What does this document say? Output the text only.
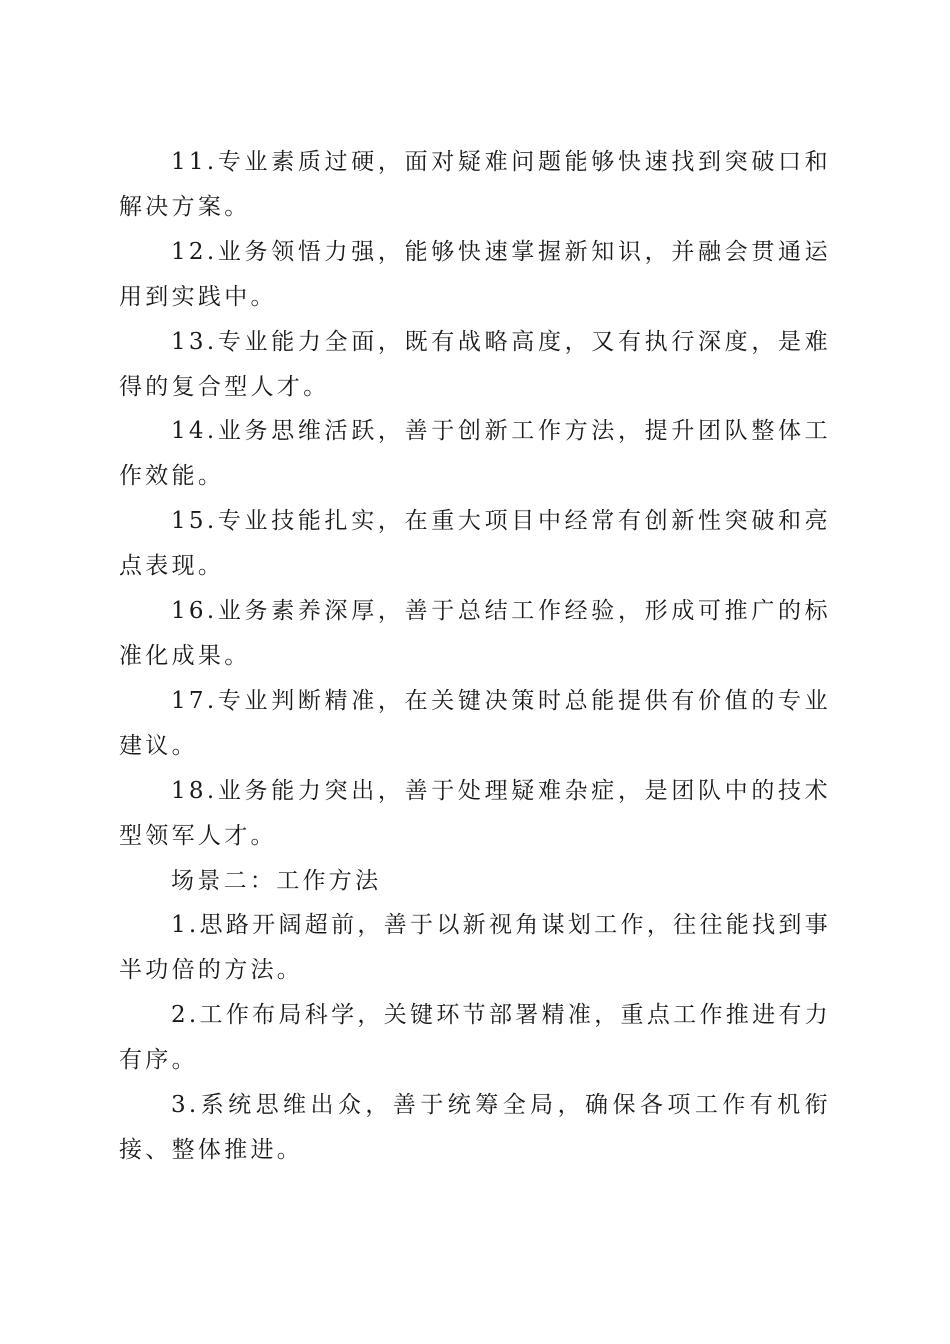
11.专业素质过硬，面对疑难问题能够快速找到突破口和解决方案。

12.业务领悟力强，能够快速掌握新知识，并融会贯通运用到实践中。

13.专业能力全面，既有战略高度，又有执行深度，是难得的复合型人才。

14.业务思维活跃，善于创新工作方法，提升团队整体工作效能。

15.专业技能扎实，在重大项目中经常有创新性突破和亮点表现。

16.业务素养深厚，善于总结工作经验，形成可推广的标准化成果。

17.专业判断精准，在关键决策时总能提供有价值的专业建议。

18.业务能力突出，善于处理疑难杂症，是团队中的技术型领军人才。

场景二：工作方法

1.思路开阔超前，善于以新视角谋划工作，往往能找到事半功倍的方法。

2.工作布局科学，关键环节部署精准，重点工作推进有力有序。

3.系统思维出众，善于统筹全局，确保各项工作有机衔接、整体推进。
